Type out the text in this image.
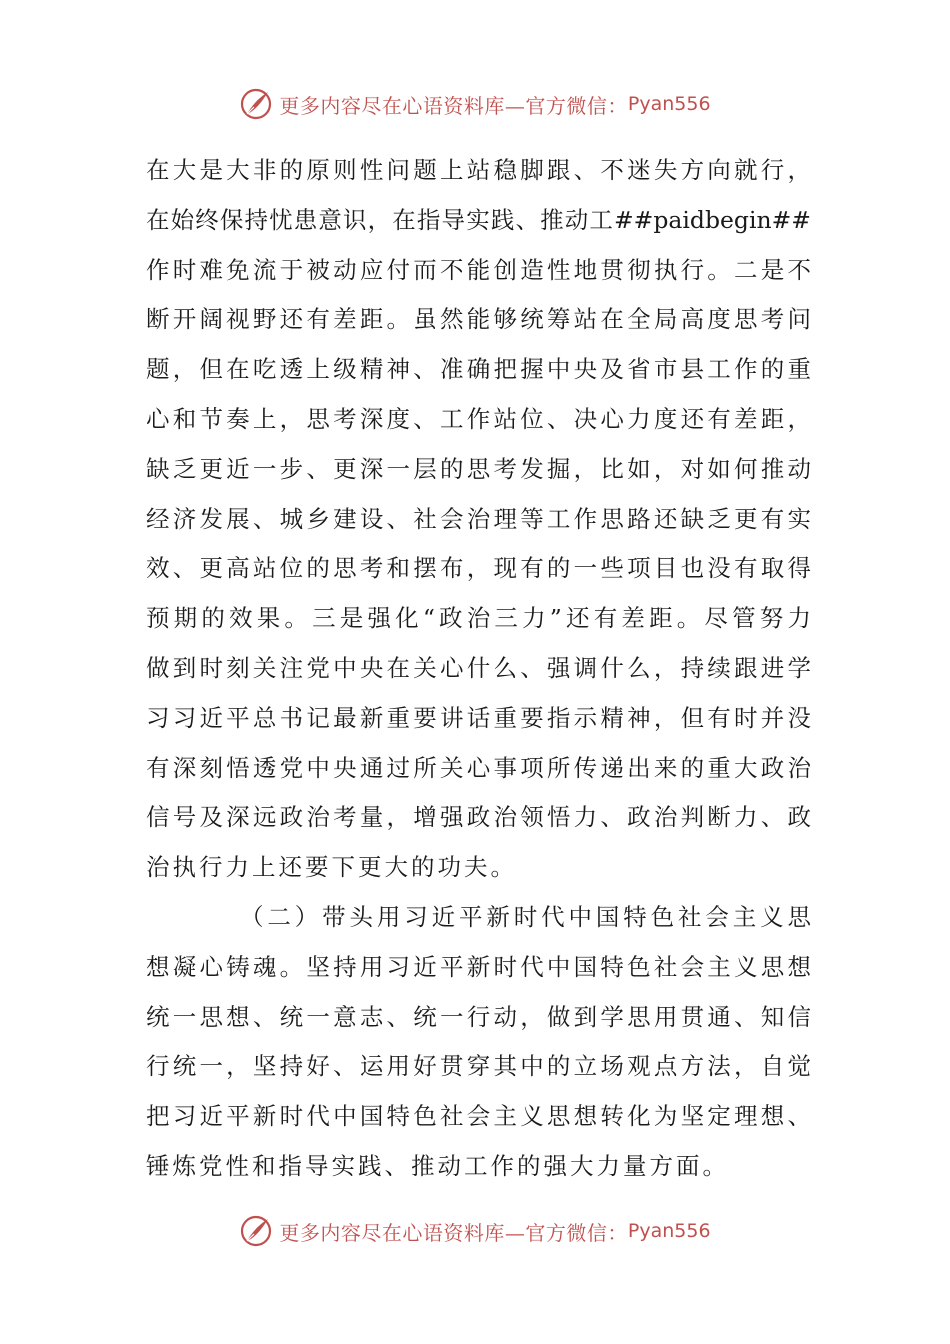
更多内容尽在心语资料库—官方微信： Pyan556
在大是大非的原则性问题上站稳脚跟、不迷失方向就行，
在始终保持忧患意识，在指导实践、推动工##paidbegin##
作时难免流于被动应付而不能创造性地贯彻执行。二是不
断开阔视野还有差距。虽然能够统筹站在全局高度思考问
题，但在吃透上级精神、准确把握中央及省市县工作的重
心和节奏上，思考深度、工作站位、决心力度还有差距，
缺乏更近一步、更深一层的思考发掘，比如，对如何推动
经济发展、城乡建设、社会治理等工作思路还缺乏更有实
效、更高站位的思考和摆布，现有的一些项目也没有取得
预期的效果。三是强化“政治三力”还有差距。尽管努力
做到时刻关注党中央在关心什么、强调什么，持续跟进学
习习近平总书记最新重要讲话重要指示精神，但有时并没
有深刻悟透党中央通过所关心事项所传递出来的重大政治
信号及深远政治考量，增强政治领悟力、政治判断力、政
治执行力上还要下更大的功夫。
（二）带头用习近平新时代中国特色社会主义思
想凝心铸魂。坚持用习近平新时代中国特色社会主义思想
统一思想、统一意志、统一行动，做到学思用贯通、知信
行统一，坚持好、运用好贯穿其中的立场观点方法，自觉
把习近平新时代中国特色社会主义思想转化为坚定理想、
锤炼党性和指导实践、推动工作的强大力量方面。
更多内容尽在心语资料库—官方微信： Pyan556
